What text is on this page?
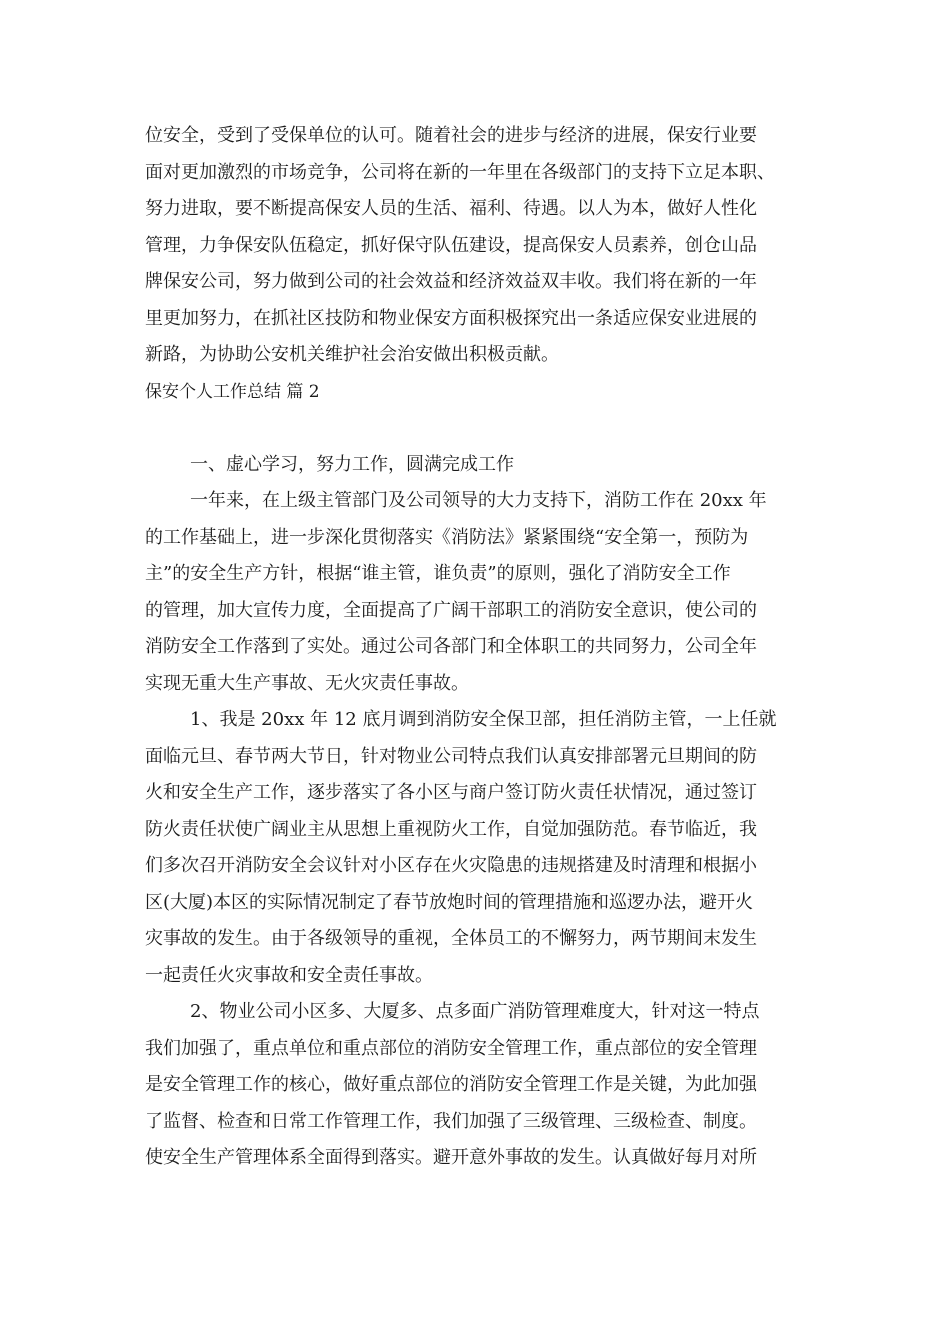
位安全，受到了受保单位的认可。随着社会的进步与经济的进展，保安行业要
面对更加激烈的市场竞争，公司将在新的一年里在各级部门的支持下立足本职、
努力进取，要不断提高保安人员的生活、福利、待遇。以人为本，做好人性化
管理，力争保安队伍稳定，抓好保守队伍建设，提高保安人员素养，创仓山品
牌保安公司，努力做到公司的社会效益和经济效益双丰收。我们将在新的一年
里更加努力，在抓社区技防和物业保安方面积极探究出一条适应保安业进展的
新路，为协助公安机关维护社会治安做出积极贡献。
保安个人工作总结 篇 2
一、虚心学习，努力工作，圆满完成工作
一年来，在上级主管部门及公司领导的大力支持下，消防工作在 20xx 年
的工作基础上，进一步深化贯彻落实《消防法》紧紧围绕“安全第一，预防为
主”的安全生产方针，根据“谁主管，谁负责”的原则，强化了消防安全工作
的管理，加大宣传力度，全面提高了广阔干部职工的消防安全意识，使公司的
消防安全工作落到了实处。通过公司各部门和全体职工的共同努力，公司全年
实现无重大生产事故、无火灾责任事故。
1、我是 20xx 年 12 底月调到消防安全保卫部，担任消防主管，一上任就
面临元旦、春节两大节日，针对物业公司特点我们认真安排部署元旦期间的防
火和安全生产工作，逐步落实了各小区与商户签订防火责任状情况，通过签订
防火责任状使广阔业主从思想上重视防火工作，自觉加强防范。春节临近，我
们多次召开消防安全会议针对小区存在火灾隐患的违规搭建及时清理和根据小
区(大厦)本区的实际情况制定了春节放炮时间的管理措施和巡逻办法，避开火
灾事故的发生。由于各级领导的重视，全体员工的不懈努力，两节期间末发生
一起责任火灾事故和安全责任事故。
2、物业公司小区多、大厦多、点多面广消防管理难度大，针对这一特点
我们加强了，重点单位和重点部位的消防安全管理工作，重点部位的安全管理
是安全管理工作的核心，做好重点部位的消防安全管理工作是关键，为此加强
了监督、检查和日常工作管理工作，我们加强了三级管理、三级检查、制度。
使安全生产管理体系全面得到落实。避开意外事故的发生。认真做好每月对所
